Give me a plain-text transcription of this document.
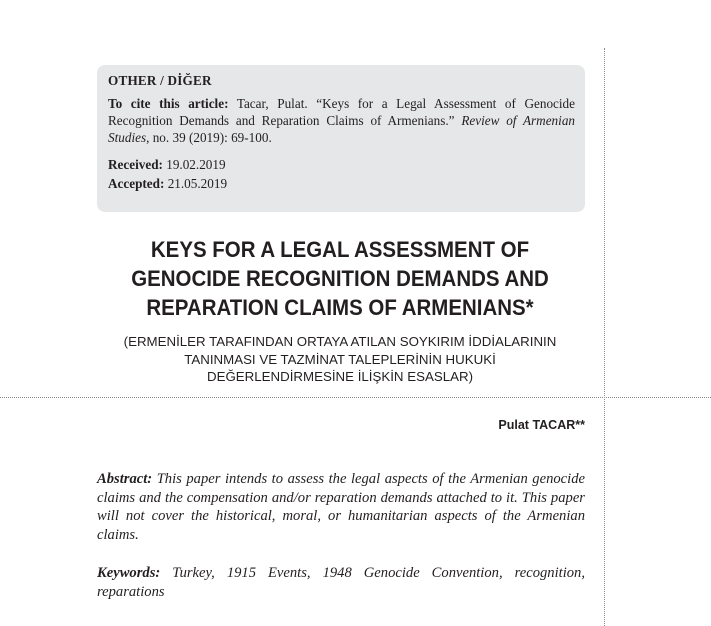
OTHER / DİĞER
To cite this article: Tacar, Pulat. “Keys for a Legal Assessment of Genocide Recognition Demands and Reparation Claims of Armenians.” Review of Armenian Studies, no. 39 (2019): 69-100.
Received: 19.02.2019
Accepted: 21.05.2019
KEYS FOR A LEGAL ASSESSMENT OF
GENOCIDE RECOGNITION DEMANDS AND
REPARATION CLAIMS OF ARMENIANS*
(ERMENİLER TARAFINDAN ORTAYA ATILAN SOYKIRIM İDDİALARININ
TANINMASI VE TAZMİNAT TALEPLERİNİN HUKUKİ
DEĞERLENDİRMESİNE İLİŞKİN ESASLAR)
Pulat TACAR**
Abstract: This paper intends to assess the legal aspects of the Armenian genocide claims and the compensation and/or reparation demands attached to it. This paper will not cover the historical, moral, or humanitarian aspects of the Armenian claims.
Keywords: Turkey, 1915 Events, 1948 Genocide Convention, recognition, reparations
